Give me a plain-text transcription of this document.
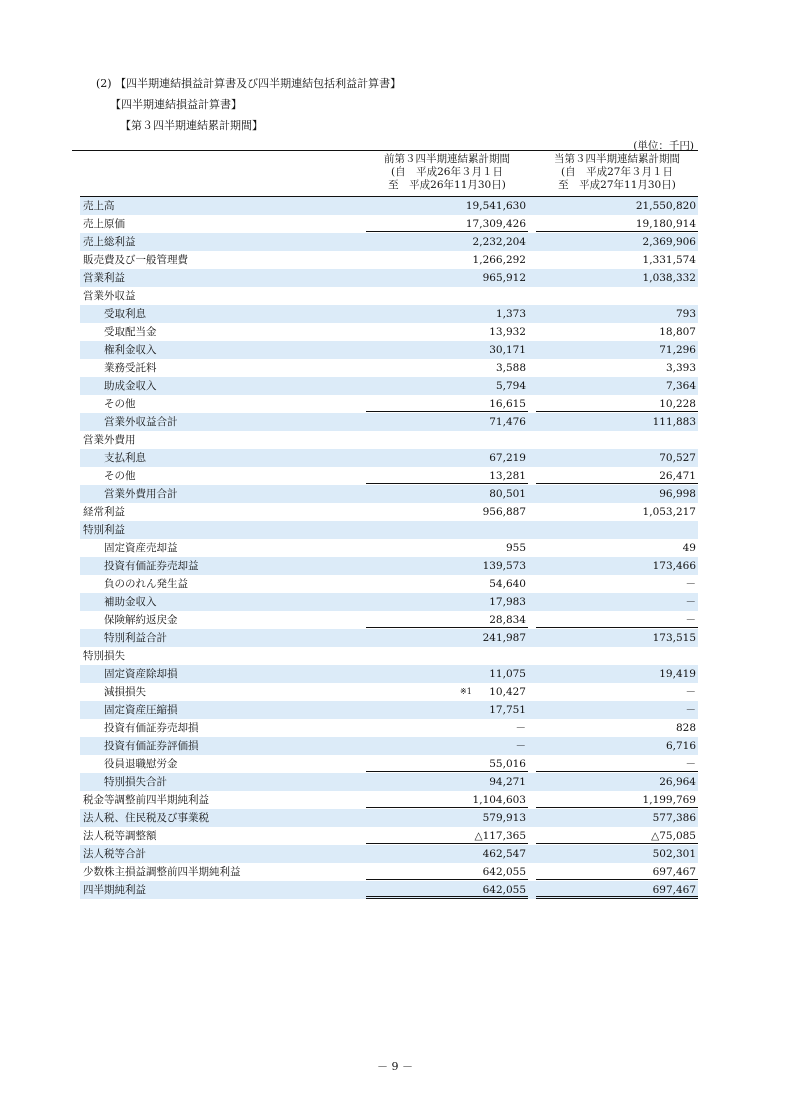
(2) 【四半期連結損益計算書及び四半期連結包括利益計算書】
【四半期連結損益計算書】
【第３四半期連結累計期間】
(単位：千円)
前第３四半期連結累計期間
(自　平成26年３月１日
至　平成26年11月30日)
当第３四半期連結累計期間
(自　平成27年３月１日
至　平成27年11月30日)
売上高	19,541,630	21,550,820
売上原価	17,309,426	19,180,914
売上総利益	2,232,204	2,369,906
販売費及び一般管理費	1,266,292	1,331,574
営業利益	965,912	1,038,332
営業外収益
受取利息	1,373	793
受取配当金	13,932	18,807
権利金収入	30,171	71,296
業務受託料	3,588	3,393
助成金収入	5,794	7,364
その他	16,615	10,228
営業外収益合計	71,476	111,883
営業外費用
支払利息	67,219	70,527
その他	13,281	26,471
営業外費用合計	80,501	96,998
経常利益	956,887	1,053,217
特別利益
固定資産売却益	955	49
投資有価証券売却益	139,573	173,466
負ののれん発生益	54,640	－
補助金収入	17,983	－
保険解約返戻金	28,834	－
特別利益合計	241,987	173,515
特別損失
固定資産除却損	11,075	19,419
減損損失	※1	10,427	－
固定資産圧縮損	17,751	－
投資有価証券売却損	－	828
投資有価証券評価損	－	6,716
役員退職慰労金	55,016	－
特別損失合計	94,271	26,964
税金等調整前四半期純利益	1,104,603	1,199,769
法人税、住民税及び事業税	579,913	577,386
法人税等調整額	△117,365	△75,085
法人税等合計	462,547	502,301
少数株主損益調整前四半期純利益	642,055	697,467
四半期純利益	642,055	697,467
－ 9 －
